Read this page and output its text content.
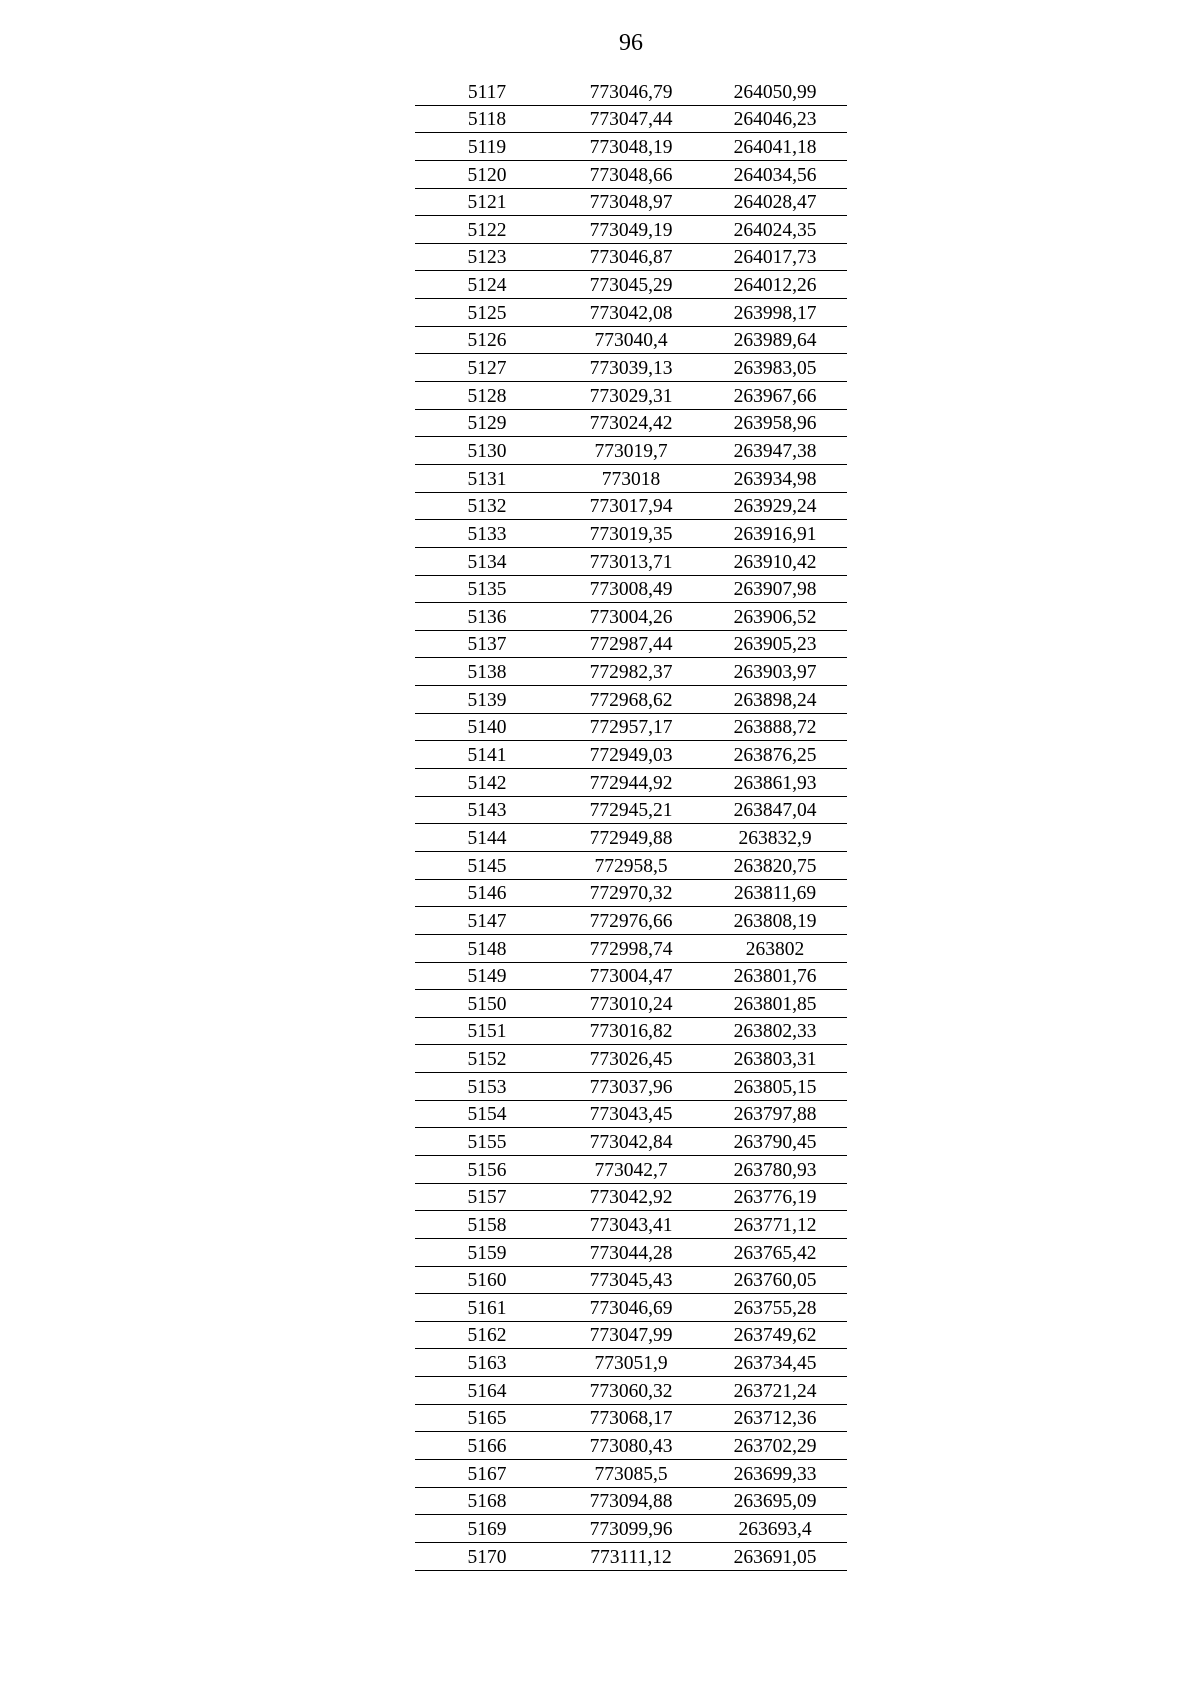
96
5117	773046,79	264050,99
5118	773047,44	264046,23
5119	773048,19	264041,18
5120	773048,66	264034,56
5121	773048,97	264028,47
5122	773049,19	264024,35
5123	773046,87	264017,73
5124	773045,29	264012,26
5125	773042,08	263998,17
5126	773040,4	263989,64
5127	773039,13	263983,05
5128	773029,31	263967,66
5129	773024,42	263958,96
5130	773019,7	263947,38
5131	773018	263934,98
5132	773017,94	263929,24
5133	773019,35	263916,91
5134	773013,71	263910,42
5135	773008,49	263907,98
5136	773004,26	263906,52
5137	772987,44	263905,23
5138	772982,37	263903,97
5139	772968,62	263898,24
5140	772957,17	263888,72
5141	772949,03	263876,25
5142	772944,92	263861,93
5143	772945,21	263847,04
5144	772949,88	263832,9
5145	772958,5	263820,75
5146	772970,32	263811,69
5147	772976,66	263808,19
5148	772998,74	263802
5149	773004,47	263801,76
5150	773010,24	263801,85
5151	773016,82	263802,33
5152	773026,45	263803,31
5153	773037,96	263805,15
5154	773043,45	263797,88
5155	773042,84	263790,45
5156	773042,7	263780,93
5157	773042,92	263776,19
5158	773043,41	263771,12
5159	773044,28	263765,42
5160	773045,43	263760,05
5161	773046,69	263755,28
5162	773047,99	263749,62
5163	773051,9	263734,45
5164	773060,32	263721,24
5165	773068,17	263712,36
5166	773080,43	263702,29
5167	773085,5	263699,33
5168	773094,88	263695,09
5169	773099,96	263693,4
5170	773111,12	263691,05
